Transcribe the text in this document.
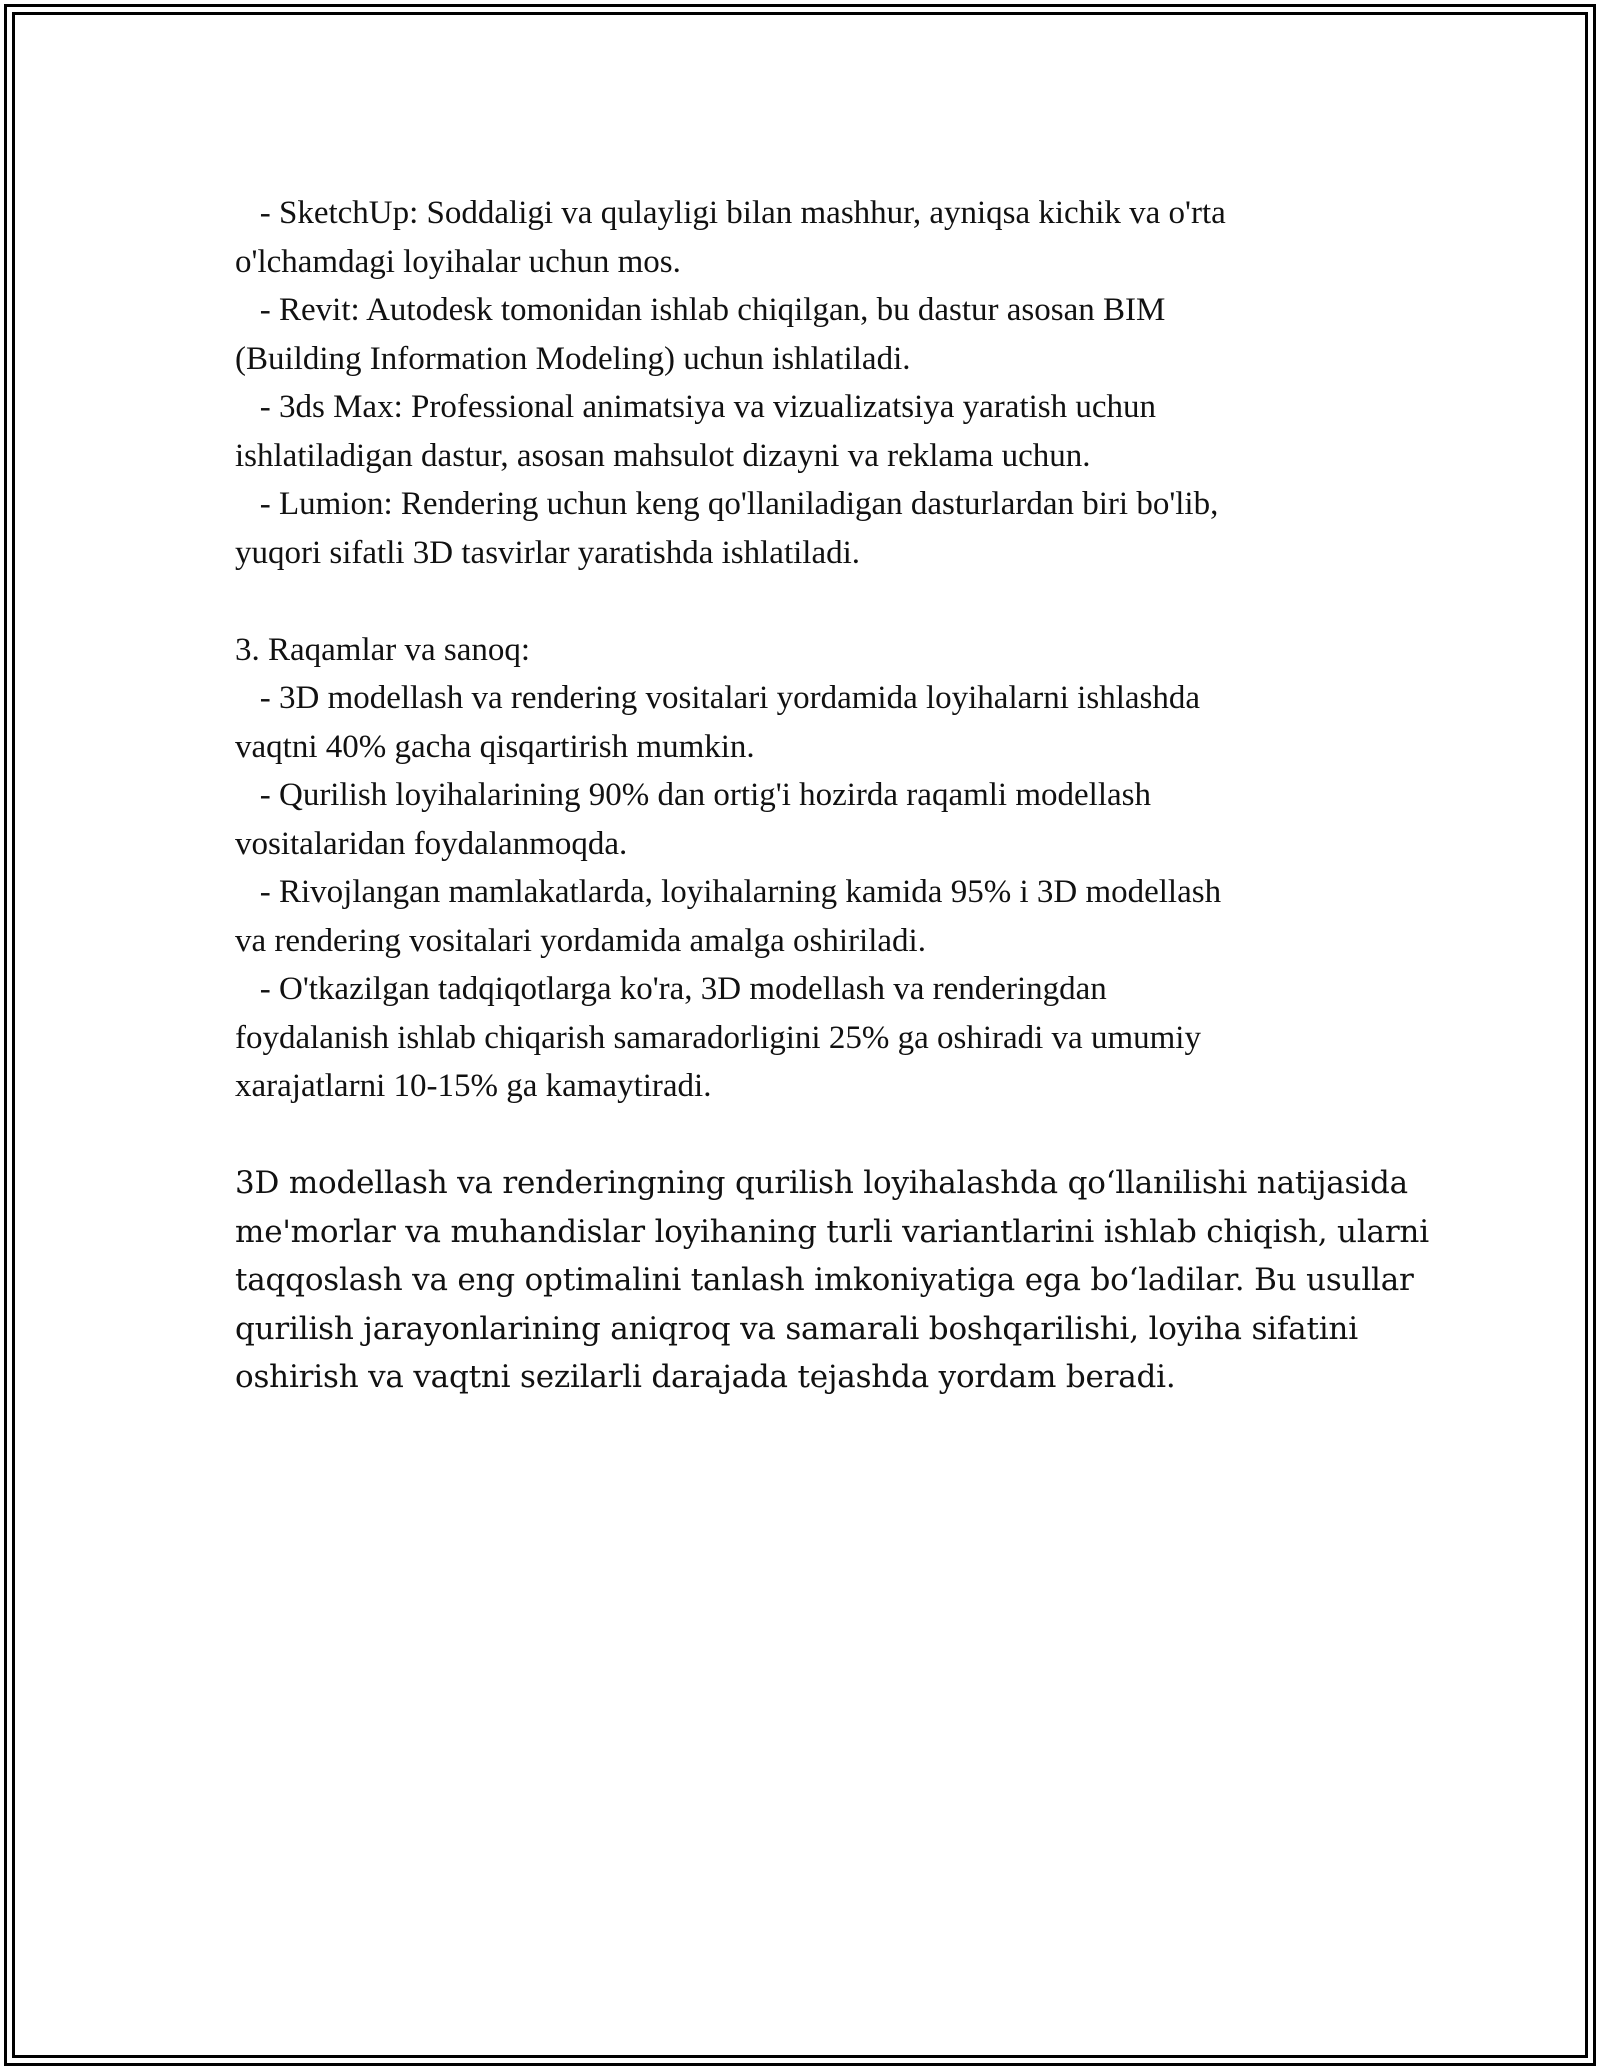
- SketchUp: Soddaligi va qulayligi bilan mashhur, ayniqsa kichik va o'rta
o'lchamdagi loyihalar uchun mos.
- Revit: Autodesk tomonidan ishlab chiqilgan, bu dastur asosan BIM
(Building Information Modeling) uchun ishlatiladi.
- 3ds Max: Professional animatsiya va vizualizatsiya yaratish uchun
ishlatiladigan dastur, asosan mahsulot dizayni va reklama uchun.
- Lumion: Rendering uchun keng qo'llaniladigan dasturlardan biri bo'lib,
yuqori sifatli 3D tasvirlar yaratishda ishlatiladi.
3. Raqamlar va sanoq:
- 3D modellash va rendering vositalari yordamida loyihalarni ishlashda
vaqtni 40% gacha qisqartirish mumkin.
- Qurilish loyihalarining 90% dan ortig'i hozirda raqamli modellash
vositalaridan foydalanmoqda.
- Rivojlangan mamlakatlarda, loyihalarning kamida 95% i 3D modellash
va rendering vositalari yordamida amalga oshiriladi.
- O'tkazilgan tadqiqotlarga ko'ra, 3D modellash va renderingdan
foydalanish ishlab chiqarish samaradorligini 25% ga oshiradi va umumiy
xarajatlarni 10-15% ga kamaytiradi.
3D modellash va renderingning qurilish loyihalashda qo‘llanilishi natijasida
me'morlar va muhandislar loyihaning turli variantlarini ishlab chiqish, ularni
taqqoslash va eng optimalini tanlash imkoniyatiga ega bo‘ladilar. Bu usullar
qurilish jarayonlarining aniqroq va samarali boshqarilishi, loyiha sifatini
oshirish va vaqtni sezilarli darajada tejashda yordam beradi.
